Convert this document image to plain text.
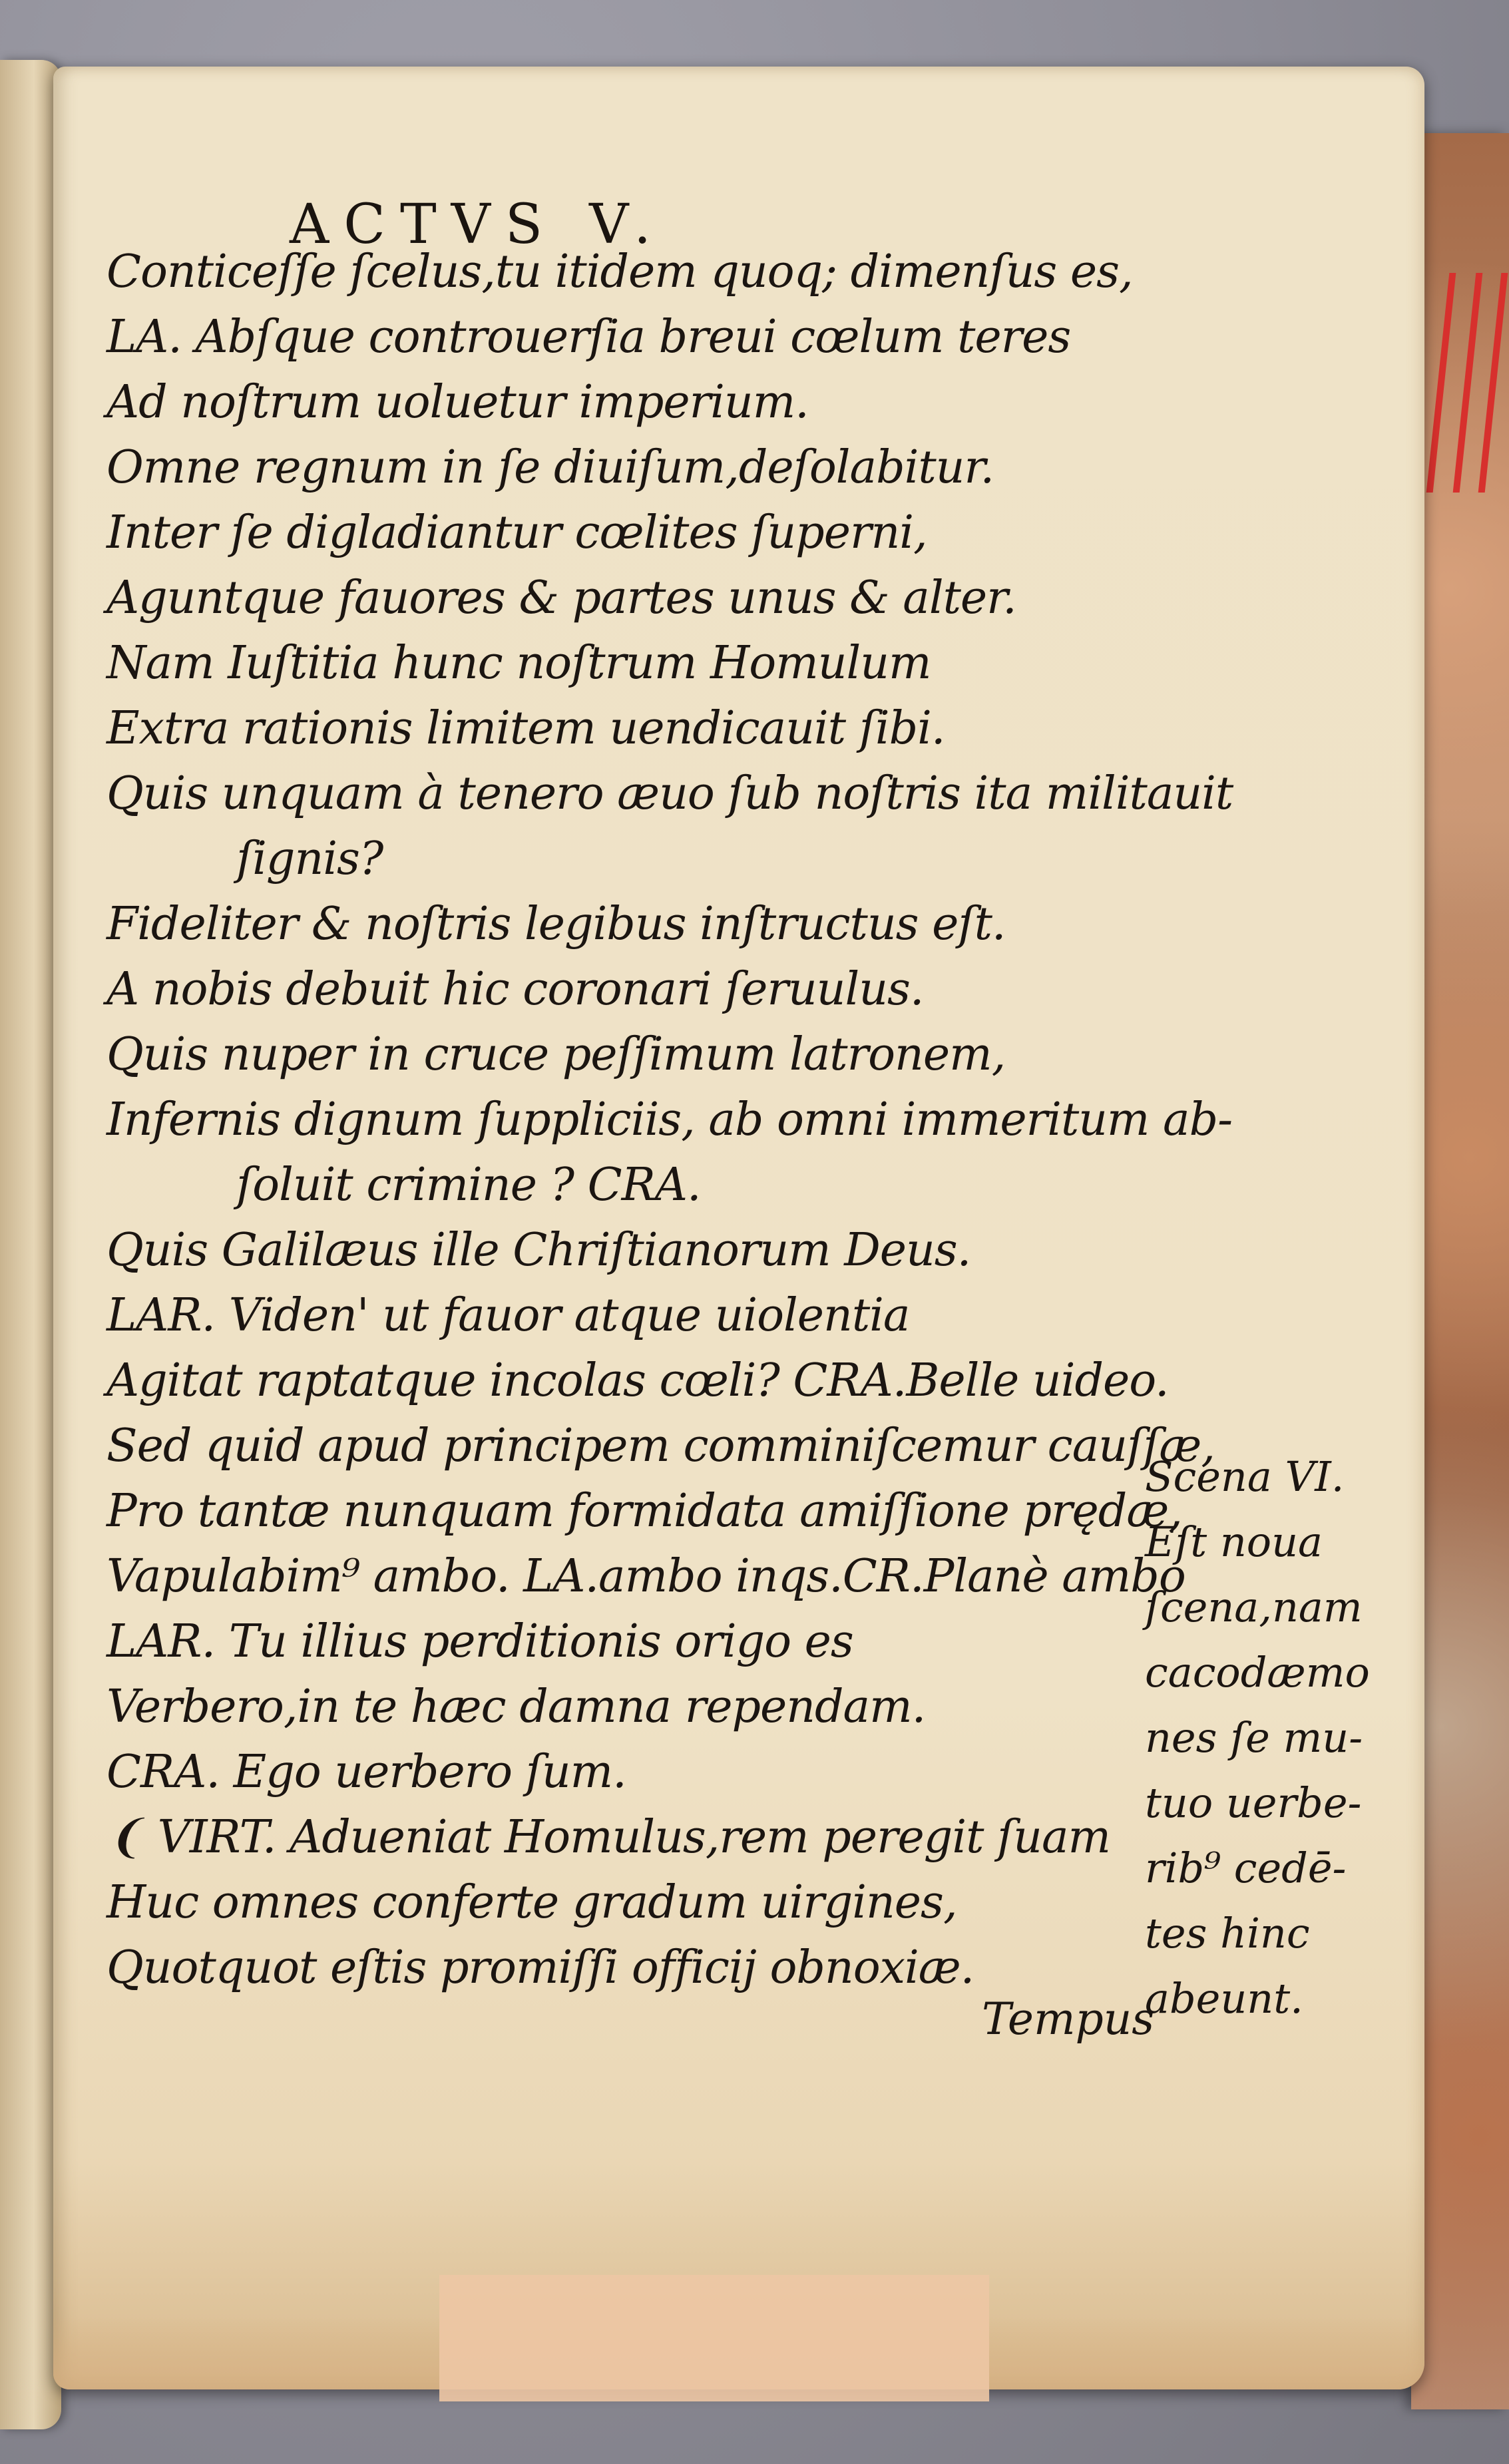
ACTVS V.
Conticeſſe ſcelus,tu itidem quoq; dimenſus es,
LA. Abſque controuerſia breui cœlum teres
Ad noſtrum uoluetur imperium.
Omne regnum in ſe diuiſum,deſolabitur.
Inter ſe digladiantur cœlites ſuperni,
Aguntque fauores & partes unus & alter.
Nam Iuſtitia hunc noſtrum Homulum
Extra rationis limitem uendicauit ſibi.
Quis unquam à tenero æuo ſub noſtris ita militauit
ſignis?
Fideliter & noſtris legibus inſtructus eſt.
A nobis debuit hic coronari ſeruulus.
Quis nuper in cruce peſſimum latronem,
Infernis dignum ſuppliciis, ab omni immeritum ab-
ſoluit crimine ? CRA.
Quis Galilæus ille Chriſtianorum Deus.
LAR. Viden' ut fauor atque uiolentia
Agitat raptatque incolas cœli? CRA.Belle uideo.
Sed quid apud principem comminiſcemur cauſſæ,
Pro tantæ nunquam formidata amiſſione prędæ,
Vapulabim⁹ ambo. LA.ambo inqs.CR.Planè ambo
LAR. Tu illius perditionis origo es
Verbero,in te hæc damna rependam.
CRA. Ego uerbero ſum.
❨ VIRT. Adueniat Homulus,rem peregit ſuam
Huc omnes conferte gradum uirgines,
Quotquot eſtis promiſſi officij obnoxiæ.
Scena VI.
Eſt noua
ſcena,nam
cacodæmo
nes ſe mu-
tuo uerbe-
rib⁹ cedē-
tes hinc
abeunt.
Tempus
